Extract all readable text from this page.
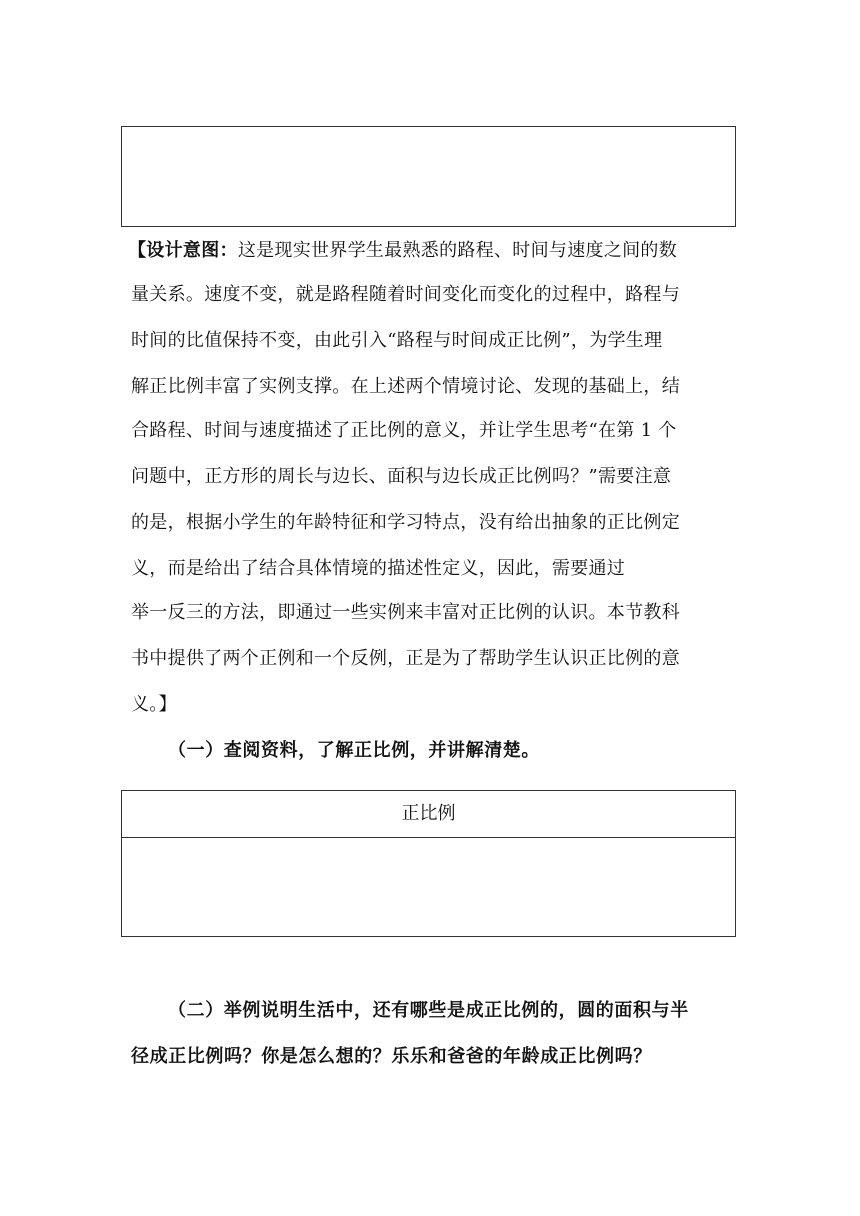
【设计意图：这是现实世界学生最熟悉的路程、时间与速度之间的数
量关系。速度不变，就是路程随着时间变化而变化的过程中，路程与
时间的比值保持不变，由此引入“路程与时间成正比例”，为学生理
解正比例丰富了实例支撑。在上述两个情境讨论、发现的基础上，结
合路程、时间与速度描述了正比例的意义，并让学生思考“在第 1 个
问题中，正方形的周长与边长、面积与边长成正比例吗？”需要注意
的是，根据小学生的年龄特征和学习特点，没有给出抽象的正比例定
义，而是给出了结合具体情境的描述性定义，因此，需要通过
举一反三的方法，即通过一些实例来丰富对正比例的认识。本节教科
书中提供了两个正例和一个反例，正是为了帮助学生认识正比例的意
义。】
（一）查阅资料，了解正比例，并讲解清楚。
正比例
（二）举例说明生活中，还有哪些是成正比例的，圆的面积与半
径成正比例吗？你是怎么想的？乐乐和爸爸的年龄成正比例吗？
